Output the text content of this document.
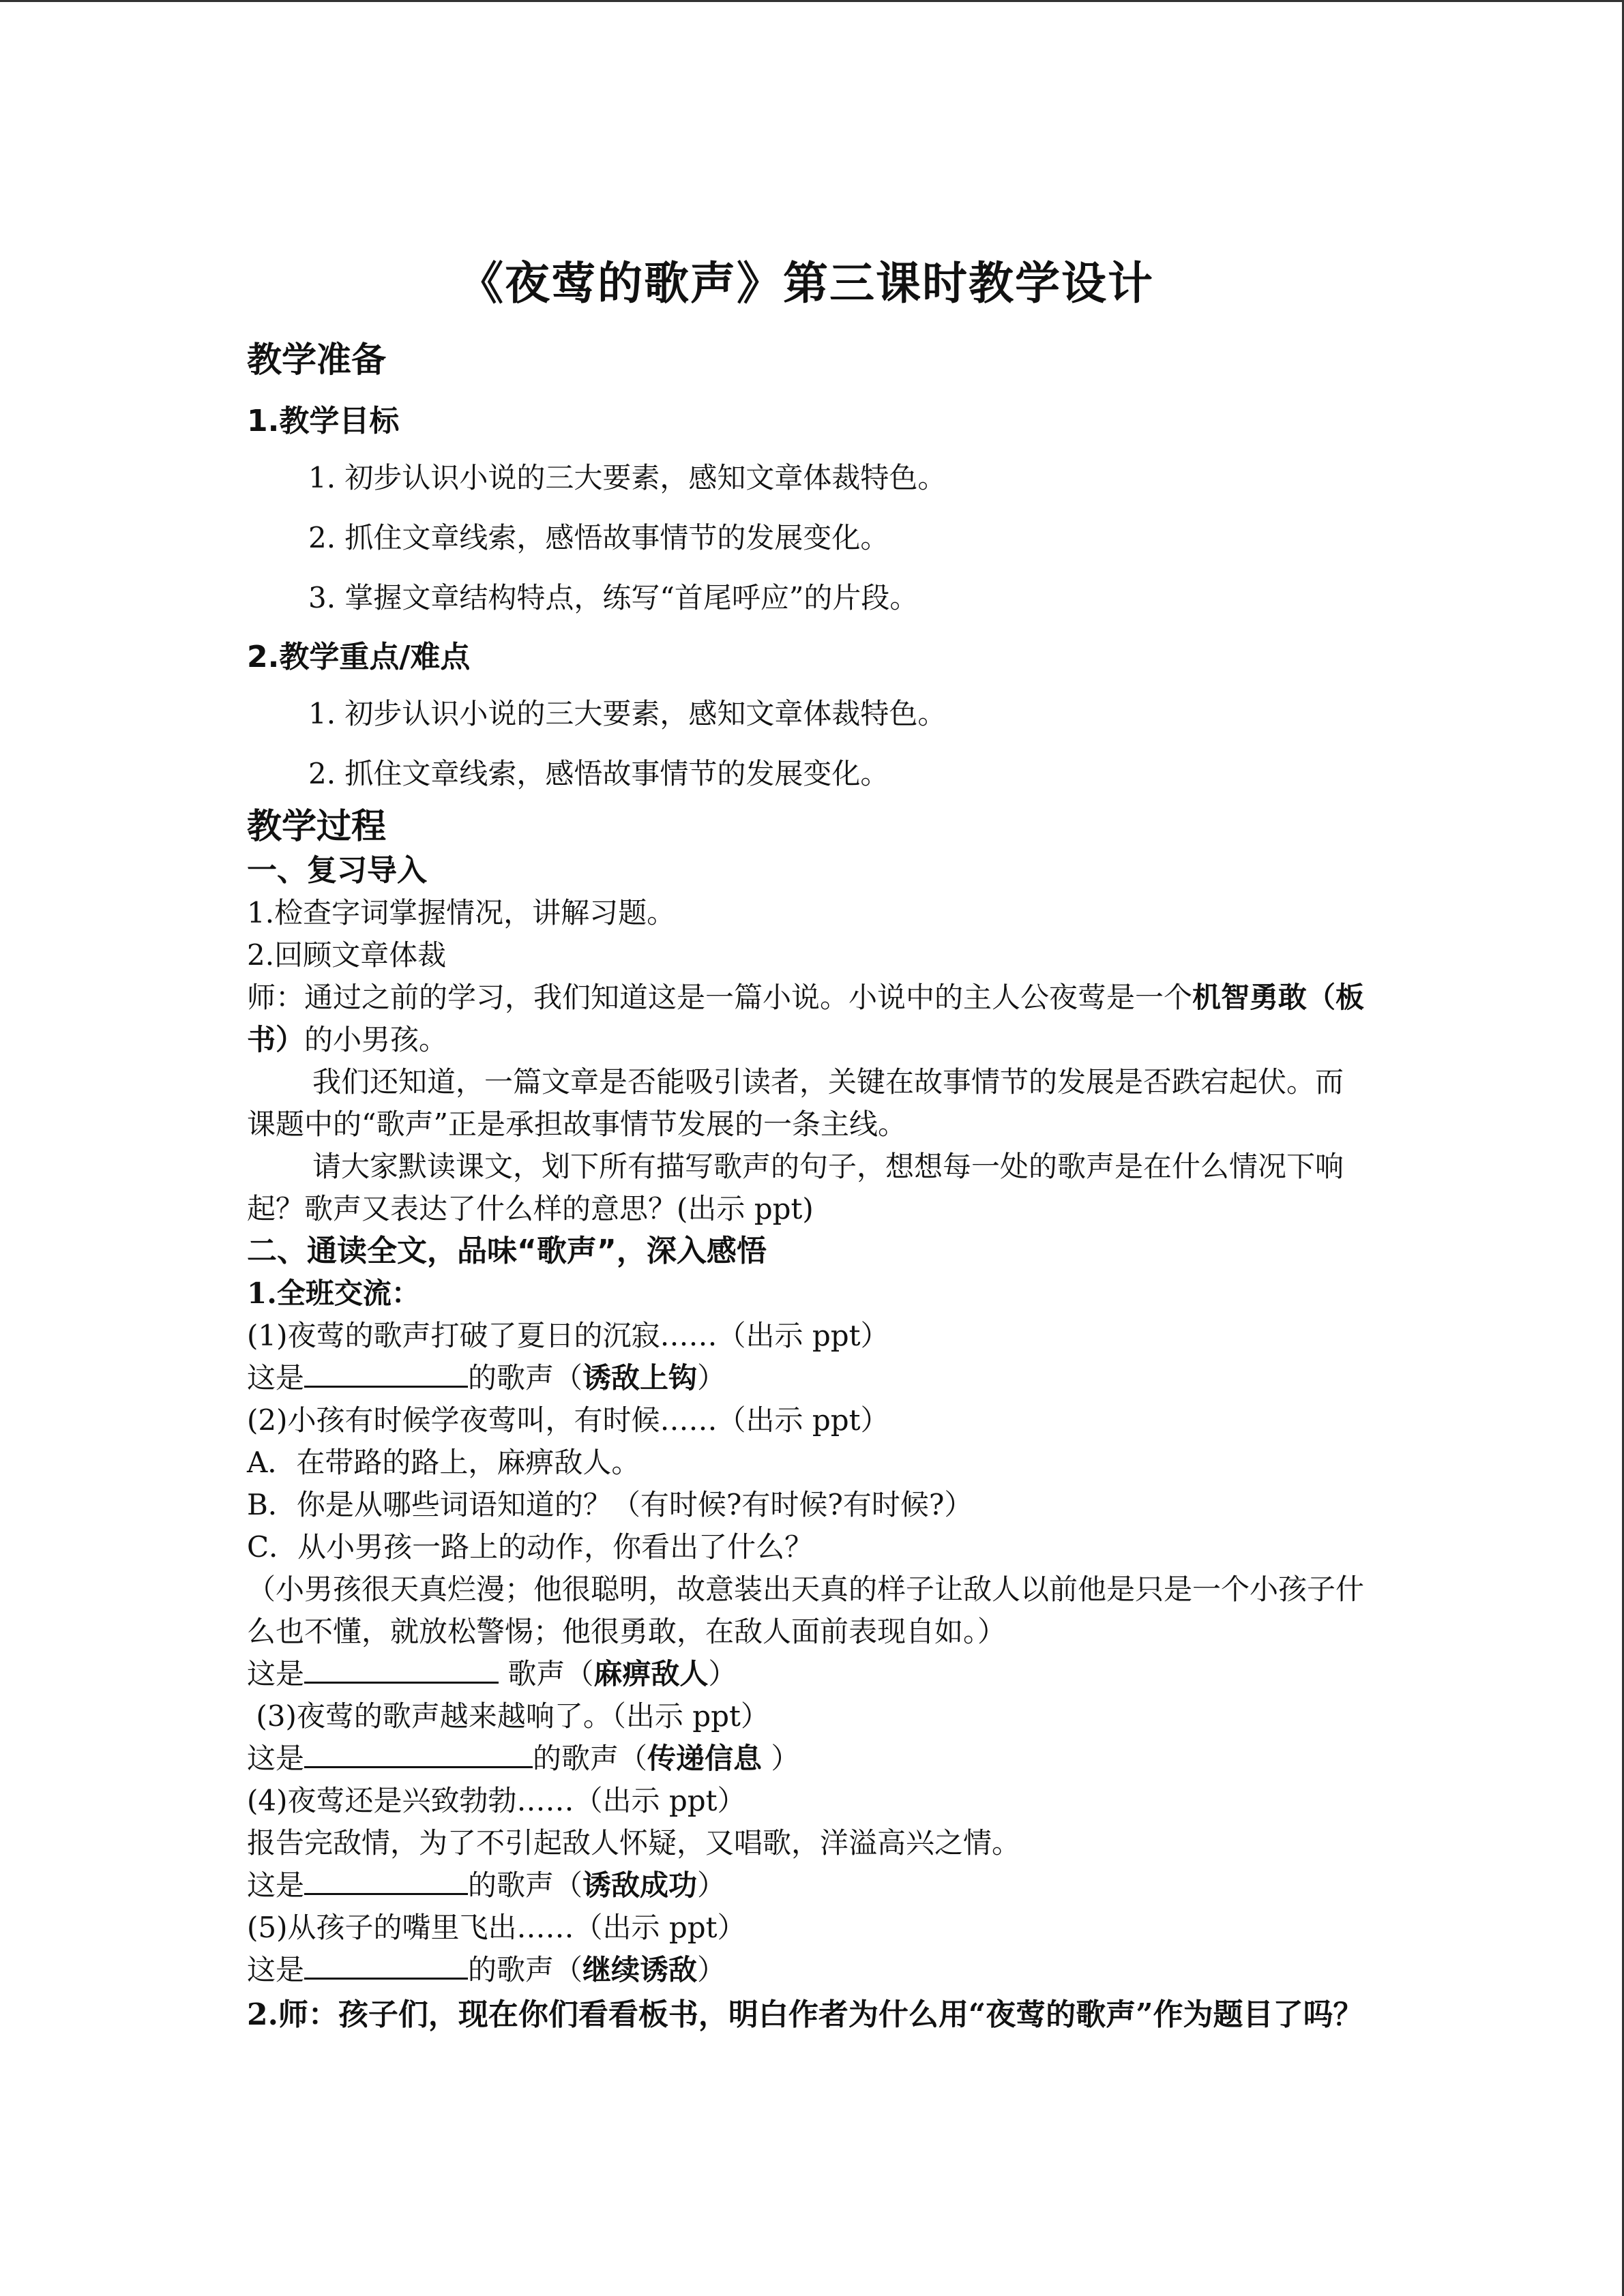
《夜莺的歌声》第三课时教学设计
教学准备
1.教学目标
1. 初步认识小说的三大要素，感知文章体裁特色。
2. 抓住文章线索，感悟故事情节的发展变化。
3. 掌握文章结构特点，练写“首尾呼应”的片段。
2.教学重点/难点
1. 初步认识小说的三大要素，感知文章体裁特色。
2. 抓住文章线索，感悟故事情节的发展变化。
教学过程
一、复习导入
1.检查字词掌握情况，讲解习题。
2.回顾文章体裁
师：通过之前的学习，我们知道这是一篇小说。小说中的主人公夜莺是一个机智勇敢（板书）的小男孩。
我们还知道，一篇文章是否能吸引读者，关键在故事情节的发展是否跌宕起伏。而课题中的“歌声”正是承担故事情节发展的一条主线。
请大家默读课文，划下所有描写歌声的句子，想想每一处的歌声是在什么情况下响起？歌声又表达了什么样的意思？(出示 ppt)
二、通读全文，品味“歌声”，深入感悟
1.全班交流：
(1)夜莺的歌声打破了夏日的沉寂……（出示 ppt）
这是	的歌声（诱敌上钩）
(2)小孩有时候学夜莺叫，有时候……（出示 ppt）
A．在带路的路上，麻痹敌人。
B．你是从哪些词语知道的？（有时候?有时候?有时候?）
C．从小男孩一路上的动作，你看出了什么？
（小男孩很天真烂漫；他很聪明，故意装出天真的样子让敌人以前他是只是一个小孩子什么也不懂，就放松警惕；他很勇敢，在敌人面前表现自如。）
这是	歌声（麻痹敌人）
(3)夜莺的歌声越来越响了。（出示 ppt）
这是	的歌声（传递信息 ）
(4)夜莺还是兴致勃勃……（出示 ppt）
报告完敌情，为了不引起敌人怀疑，又唱歌，洋溢高兴之情。
这是	的歌声（诱敌成功）
(5)从孩子的嘴里飞出……（出示 ppt）
这是	的歌声（继续诱敌）
2.师：孩子们，现在你们看看板书，明白作者为什么用“夜莺的歌声”作为题目了吗？
